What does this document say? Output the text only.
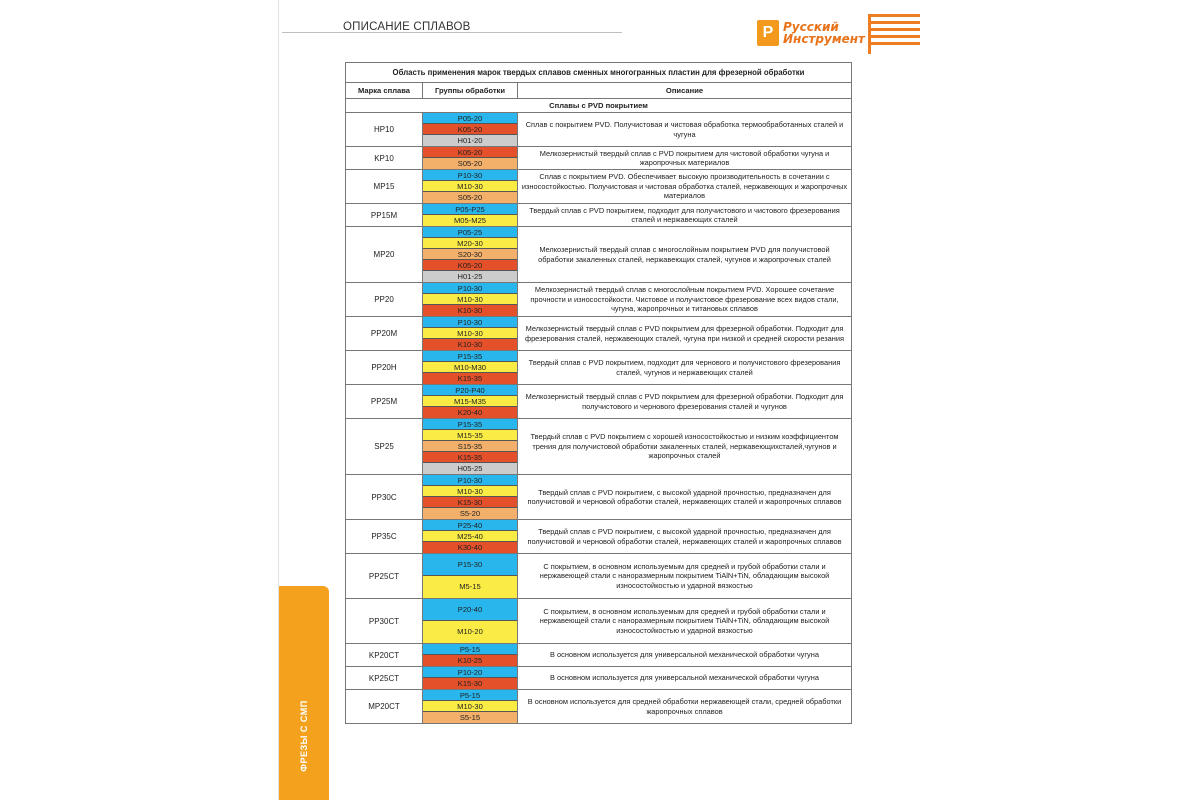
ОПИСАНИЕ СПЛАВОВ	Р Русский
Инструмент
ФРЕЗЫ С СМП
Область применения марок твердых сплавов сменных многогранных пластин для фрезерной обработки		
Марка сплава	Группы обработки	Описание
Сплавы с PVD покрытием		
HP10	P05-20
K05-20
H01-20	Сплав с покрытием PVD. Получистовая и чистовая обработка термообработанных сталей и чугуна
KP10	K05-20
S05-20	Мелкозернистый твердый сплав с PVD покрытием для чистовой обработки чугуна и жаропрочных материалов
MP15	P10-30
M10-30
S05-20	Сплав с покрытием PVD. Обеспечивает высокую производительность в сочетании с износостойкостью. Получистовая и чистовая обработка сталей, нержавеющих и жаропрочных материалов
PP15M	P05-P25
M05-M25	Твердый сплав с PVD покрытием, подходит для получистового и чистового фрезерования сталей и нержавеющих сталей
MP20	P05-25
M20-30
S20-30
K05-20
H01-25	Мелкозернистый твердый сплав с многослойным покрытием PVD для получистовой обработки закаленных сталей, нержавеющих сталей, чугунов и жаропрочных сталей
PP20	P10-30
M10-30
K10-30	Мелкозернистый твердый сплав с многослойным покрытием PVD. Хорошее сочетание прочности и износостойкости. Чистовое и получистовое фрезерование всех видов стали, чугуна, жаропрочных и титановых сплавов
PP20M	P10-30
M10-30
K10-30	Мелкозернистый твердый сплав с PVD покрытием для фрезерной обработки. Подходит для фрезерования сталей, нержавеющих сталей, чугуна при низкой и средней скорости резания
PP20H	P15-35
M10-M30
K15-35	Твердый сплав с PVD покрытием, подходит для чернового и получистового фрезерования сталей, чугунов и нержавеющих сталей
PP25M	P20-P40
M15-M35
K20-40	Мелкозернистый твердый сплав с PVD покрытием для фрезерной обработки. Подходит для получистового и чернового фрезерования сталей и чугунов
SP25	P15-35
M15-35
S15-35
K15-35
H05-25	Твердый сплав с PVD покрытием с хорошей износостойкостью и низким коэффициентом трения для получистовой обработки закаленных сталей, нержавеющихсталей,чугунов и жаропрочных сталей
PP30C	P10-30
M10-30
K15-30
S5-20	Твердый сплав с PVD покрытием, с высокой ударной прочностью, предназначен для получистовой и черновой обработки сталей, нержавеющих сталей и жаропрочных сплавов
PP35C	P25-40
M25-40
K30-40	Твердый сплав с PVD покрытием, с высокой ударной прочностью, предназначен для получистовой и черновой обработки сталей, нержавеющих сталей и жаропрочных сплавов
PP25CT	P15-30
M5-15	С покрытием, в основном используемым для средней и грубой обработки стали и нержавеющей стали с наноразмерным покрытием TiAlN+TiN, обладающим высокой износостойкостью и ударной вязкостью
PP30CT	P20-40
M10-20	С покрытием, в основном используемым для средней и грубой обработки стали и нержавеющей стали с наноразмерным покрытием TiAlN+TiN, обладающим высокой износостойкостью и ударной вязкостью
KP20CT	P5-15
K10-25	В основном используется для универсальной механической обработки чугуна
KP25CT	P10-20
K15-30	В основном используется для универсальной механической обработки чугуна
MP20CT	P5-15
M10-30
S5-15	В основном используется для средней обработки нержавеющей стали, средней обработки жаропрочных сплавов
